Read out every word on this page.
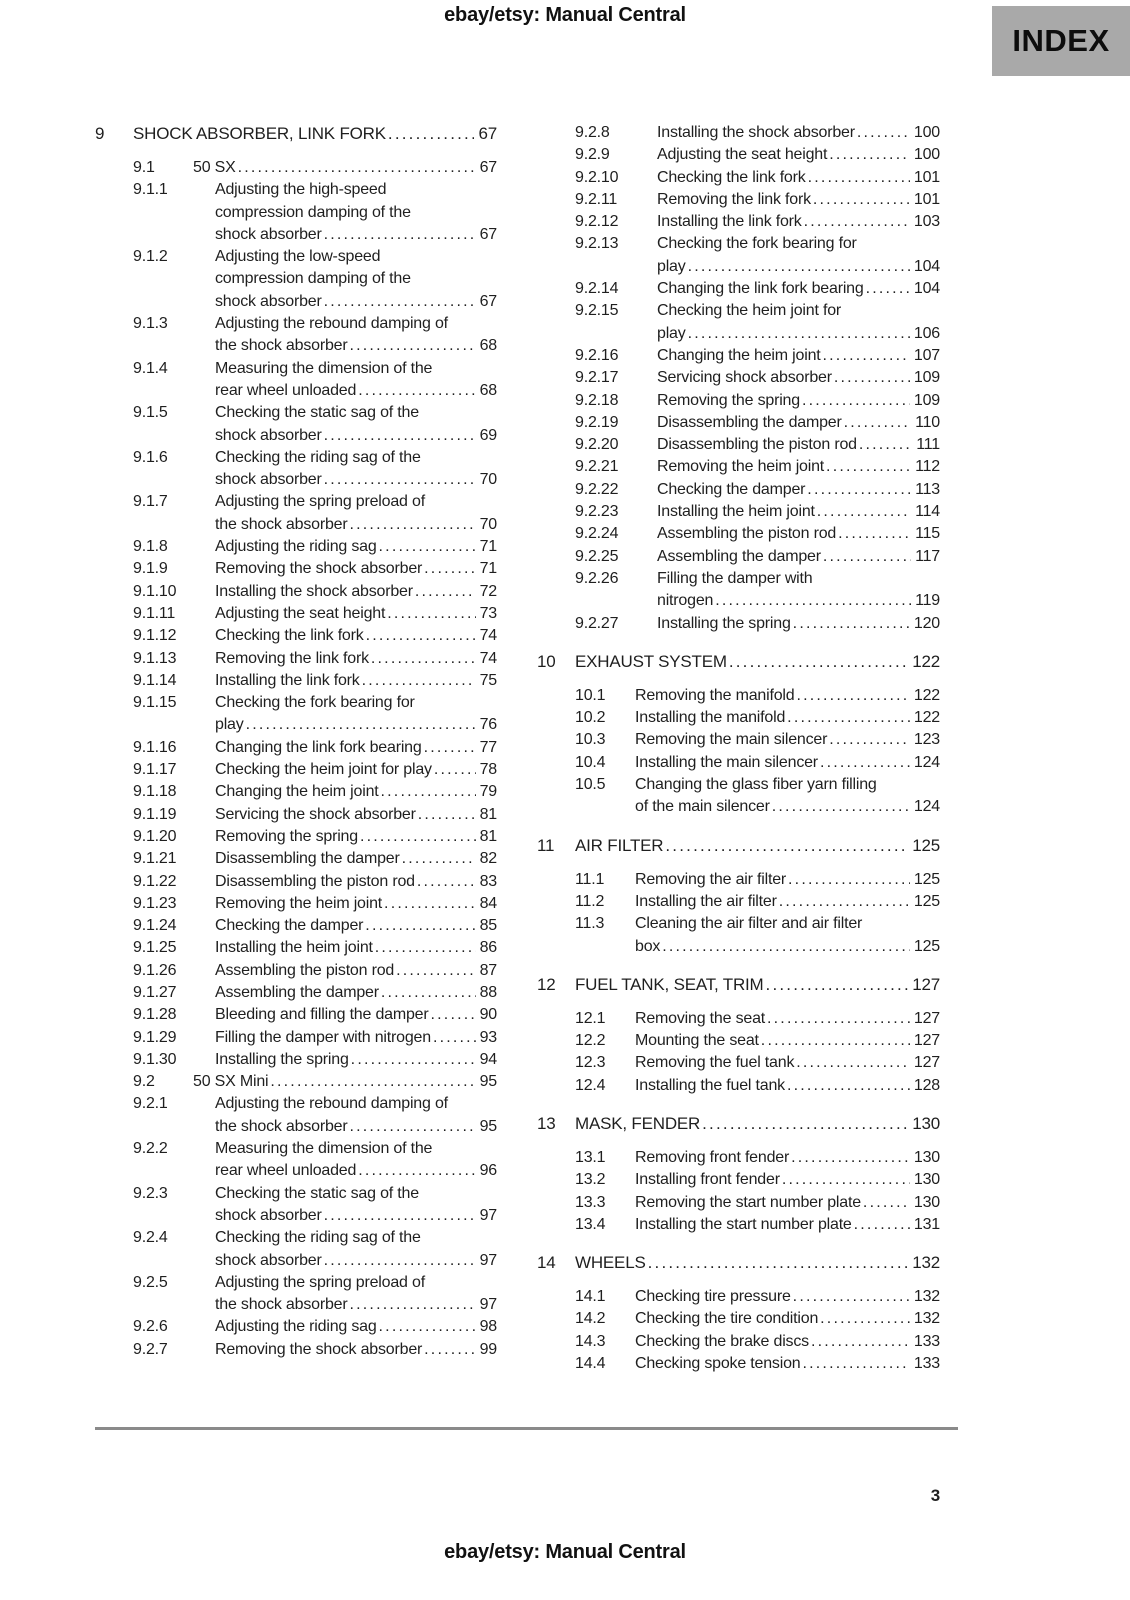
ebay/etsy: Manual Central
INDEX
9	SHOCK ABSORBER, LINK FORK .....	67
9.1	50 SX .....	67
9.1.1	Adjusting the high-speed
compression damping of the
shock absorber .....	67
9.1.2	Adjusting the low-speed
compression damping of the
shock absorber .....	67
9.1.3	Adjusting the rebound damping of
the shock absorber .....	68
9.1.4	Measuring the dimension of the
rear wheel unloaded .....	68
9.1.5	Checking the static sag of the
shock absorber .....	69
9.1.6	Checking the riding sag of the
shock absorber .....	70
9.1.7	Adjusting the spring preload of
the shock absorber .....	70
9.1.8	Adjusting the riding sag .....	71
9.1.9	Removing the shock absorber .....	71
9.1.10	Installing the shock absorber .....	72
9.1.11	Adjusting the seat height .....	73
9.1.12	Checking the link fork .....	74
9.1.13	Removing the link fork .....	74
9.1.14	Installing the link fork .....	75
9.1.15	Checking the fork bearing for
play .....	76
9.1.16	Changing the link fork bearing .....	77
9.1.17	Checking the heim joint for play .....	78
9.1.18	Changing the heim joint .....	79
9.1.19	Servicing the shock absorber .....	81
9.1.20	Removing the spring .....	81
9.1.21	Disassembling the damper .....	82
9.1.22	Disassembling the piston rod .....	83
9.1.23	Removing the heim joint .....	84
9.1.24	Checking the damper .....	85
9.1.25	Installing the heim joint .....	86
9.1.26	Assembling the piston rod .....	87
9.1.27	Assembling the damper .....	88
9.1.28	Bleeding and filling the damper .....	90
9.1.29	Filling the damper with nitrogen .....	93
9.1.30	Installing the spring .....	94
9.2	50 SX Mini .....	95
9.2.1	Adjusting the rebound damping of
the shock absorber .....	95
9.2.2	Measuring the dimension of the
rear wheel unloaded .....	96
9.2.3	Checking the static sag of the
shock absorber .....	97
9.2.4	Checking the riding sag of the
shock absorber .....	97
9.2.5	Adjusting the spring preload of
the shock absorber .....	97
9.2.6	Adjusting the riding sag .....	98
9.2.7	Removing the shock absorber .....	99
9.2.8	Installing the shock absorber .....	100
9.2.9	Adjusting the seat height .....	100
9.2.10	Checking the link fork .....	101
9.2.11	Removing the link fork .....	101
9.2.12	Installing the link fork .....	103
9.2.13	Checking the fork bearing for
play .....	104
9.2.14	Changing the link fork bearing .....	104
9.2.15	Checking the heim joint for
play .....	106
9.2.16	Changing the heim joint .....	107
9.2.17	Servicing shock absorber .....	109
9.2.18	Removing the spring .....	109
9.2.19	Disassembling the damper .....	110
9.2.20	Disassembling the piston rod .....	111
9.2.21	Removing the heim joint .....	112
9.2.22	Checking the damper .....	113
9.2.23	Installing the heim joint .....	114
9.2.24	Assembling the piston rod .....	115
9.2.25	Assembling the damper .....	117
9.2.26	Filling the damper with
nitrogen .....	119
9.2.27	Installing the spring .....	120
10	EXHAUST SYSTEM .....	122
10.1	Removing the manifold .....	122
10.2	Installing the manifold .....	122
10.3	Removing the main silencer .....	123
10.4	Installing the main silencer .....	124
10.5	Changing the glass fiber yarn filling
of the main silencer .....	124
11	AIR FILTER .....	125
11.1	Removing the air filter .....	125
11.2	Installing the air filter .....	125
11.3	Cleaning the air filter and air filter
box .....	125
12	FUEL TANK, SEAT, TRIM .....	127
12.1	Removing the seat .....	127
12.2	Mounting the seat .....	127
12.3	Removing the fuel tank .....	127
12.4	Installing the fuel tank .....	128
13	MASK, FENDER .....	130
13.1	Removing front fender .....	130
13.2	Installing front fender .....	130
13.3	Removing the start number plate .....	130
13.4	Installing the start number plate .....	131
14	WHEELS .....	132
14.1	Checking tire pressure .....	132
14.2	Checking the tire condition .....	132
14.3	Checking the brake discs .....	133
14.4	Checking spoke tension .....	133
3
ebay/etsy: Manual Central
